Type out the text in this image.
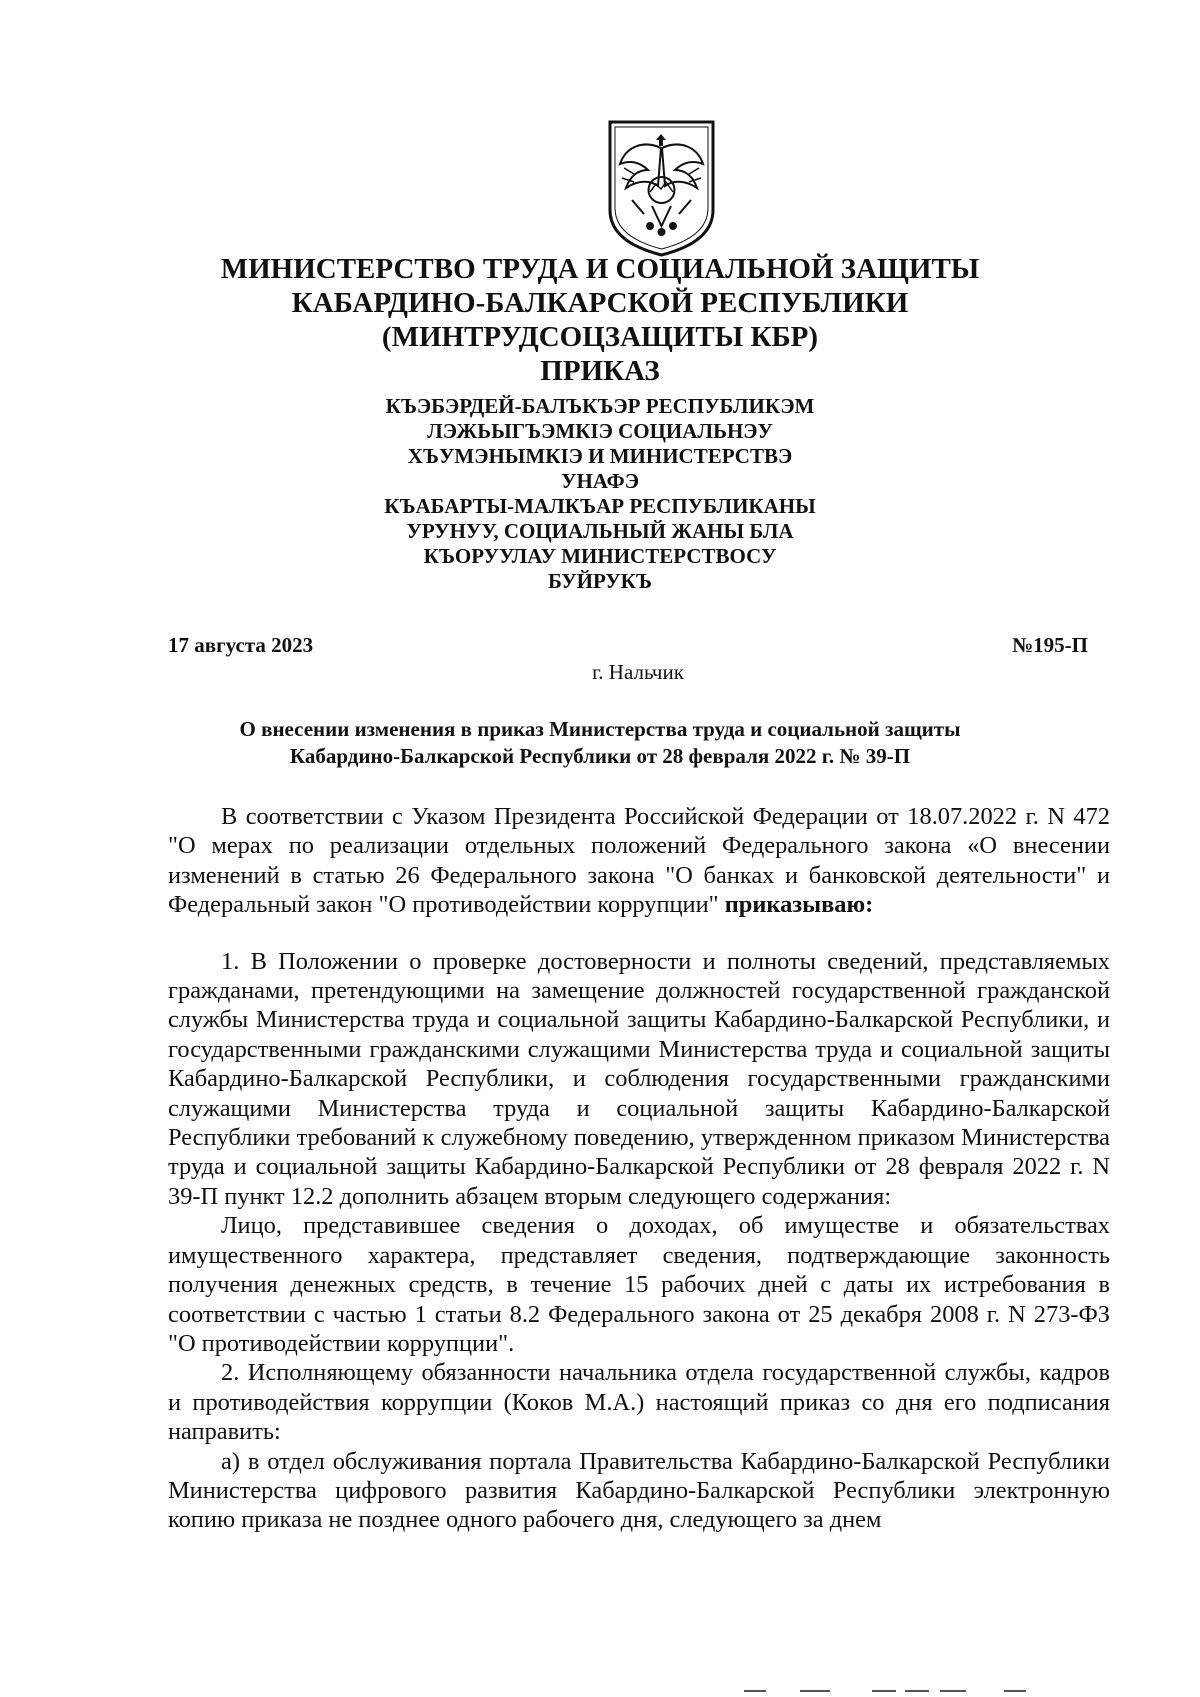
МИНИСТЕРСТВО ТРУДА И СОЦИАЛЬНОЙ ЗАЩИТЫ
КАБАРДИНО-БАЛКАРСКОЙ РЕСПУБЛИКИ
(МИНТРУДСОЦЗАЩИТЫ КБР)
ПРИКАЗ
КЪЭБЭРДЕЙ-БАЛЪКЪЭР РЕСПУБЛИКЭМ
ЛЭЖЬЫГЪЭМКIЭ СОЦИАЛЬНЭУ
ХЪУМЭНЫМКIЭ И МИНИСТЕРСТВЭ
УНАФЭ
КЪАБАРТЫ-МАЛКЪАР РЕСПУБЛИКАНЫ
УРУНУУ, СОЦИАЛЬНЫЙ ЖАНЫ БЛА
КЪОРУУЛАУ МИНИСТЕРСТВОСУ
БУЙРУКЪ
17 августа 2023	№195-П
г. Нальчик
О внесении изменения в приказ Министерства труда и социальной защиты
Кабардино-Балкарской Республики от 28 февраля 2022 г. № 39-П

В соответствии с Указом Президента Российской Федерации от 18.07.2022 г. N 472 "О мерах по реализации отдельных положений Федерального закона «О внесении изменений в статью 26 Федерального закона "О банках и банковской деятельности" и Федеральный закон "О противодействии коррупции" приказываю:

1. В Положении о проверке достоверности и полноты сведений, представляемых гражданами, претендующими на замещение должностей государственной гражданской службы Министерства труда и социальной защиты Кабардино-Балкарской Республики, и государственными гражданскими служащими Министерства труда и социальной защиты Кабардино-Балкарской Республики, и соблюдения государственными гражданскими служащими Министерства труда и социальной защиты Кабардино-Балкарской Республики требований к служебному поведению, утвержденном приказом Министерства труда и социальной защиты Кабардино-Балкарской Республики от 28 февраля 2022 г. N 39-П пункт 12.2 дополнить абзацем вторым следующего содержания:

Лицо, представившее сведения о доходах, об имуществе и обязательствах имущественного характера, представляет сведения, подтверждающие законность получения денежных средств, в течение 15 рабочих дней с даты их истребования в соответствии с частью 1 статьи 8.2 Федерального закона от 25 декабря 2008 г. N 273-ФЗ "О противодействии коррупции".

2. Исполняющему обязанности начальника отдела государственной службы, кадров и противодействия коррупции (Коков М.А.) настоящий приказ со дня его подписания направить:

а) в отдел обслуживания портала Правительства Кабардино-Балкарской Республики Министерства цифрового развития Кабардино-Балкарской Республики электронную копию приказа не позднее одного рабочего дня, следующего за днем
